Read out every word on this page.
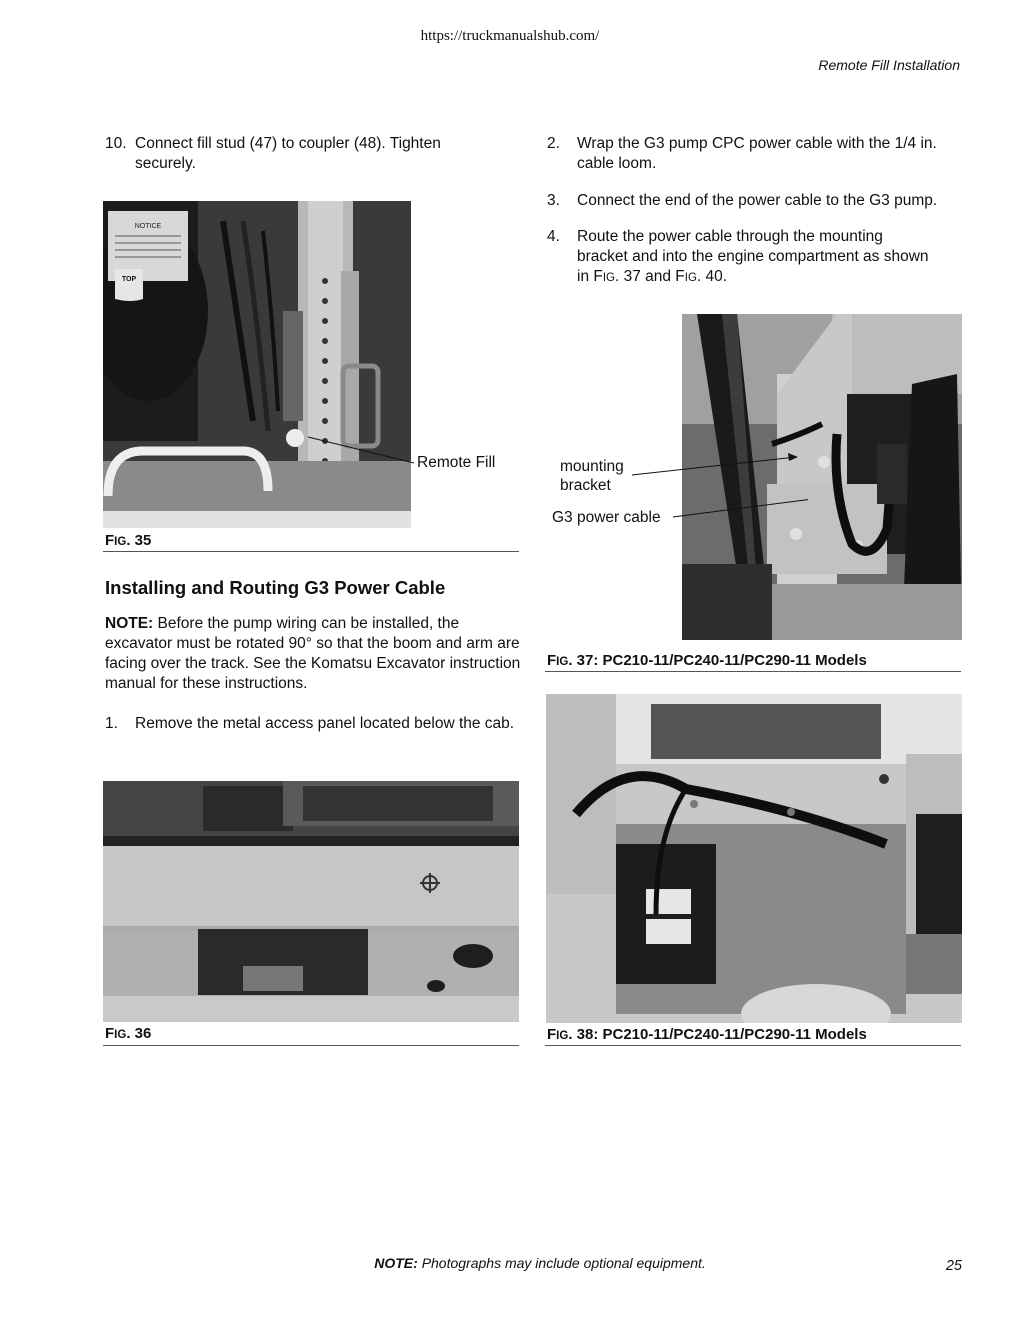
https://truckmanualshub.com/
Remote Fill Installation
10. Connect fill stud (47) to coupler (48). Tighten securely.
NOTICE
TOP
Remote Fill
FIG. 35
Installing and Routing G3 Power Cable
NOTE: Before the pump wiring can be installed, the excavator must be rotated 90° so that the boom and arm are facing over the track. See the Komatsu Excavator instruction manual for these instructions.
1. Remove the metal access panel located below the cab.
FIG. 36
2. Wrap the G3 pump CPC power cable with the 1/4 in. cable loom.
3. Connect the end of the power cable to the G3 pump.
4. Route the power cable through the mounting
bracket and into the engine compartment as shown
in FIG. 37 and FIG. 40.
mounting
bracket
G3 power cable
FIG. 37: PC210-11/PC240-11/PC290-11 Models
FIG. 38: PC210-11/PC240-11/PC290-11 Models
NOTE: Photographs may include optional equipment.	25
